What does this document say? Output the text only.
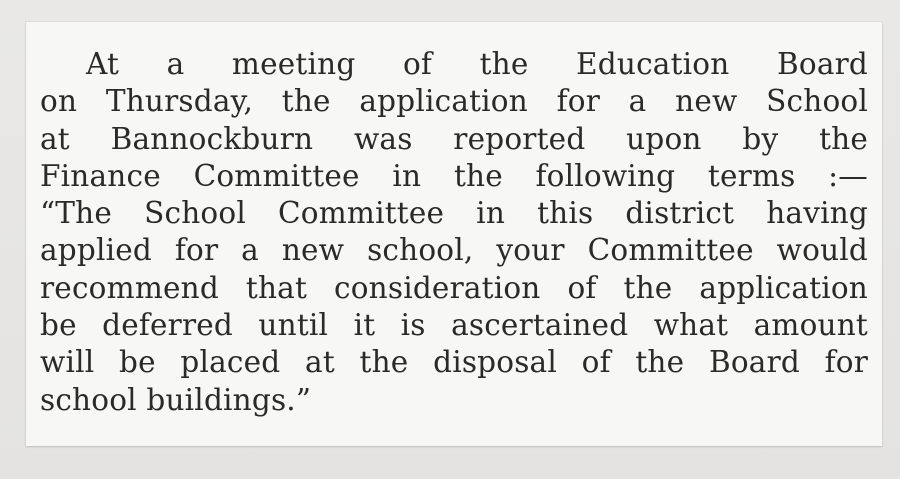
At a meeting of the Education Board
on Thursday, the application for a new School
at Bannockburn was reported upon by the
Finance Committee in the following terms :—
“The School Committee in this district having
applied for a new school, your Committee would
recommend that consideration of the application
be deferred until it is ascertained what amount
will be placed at the disposal of the Board for
school buildings.”
